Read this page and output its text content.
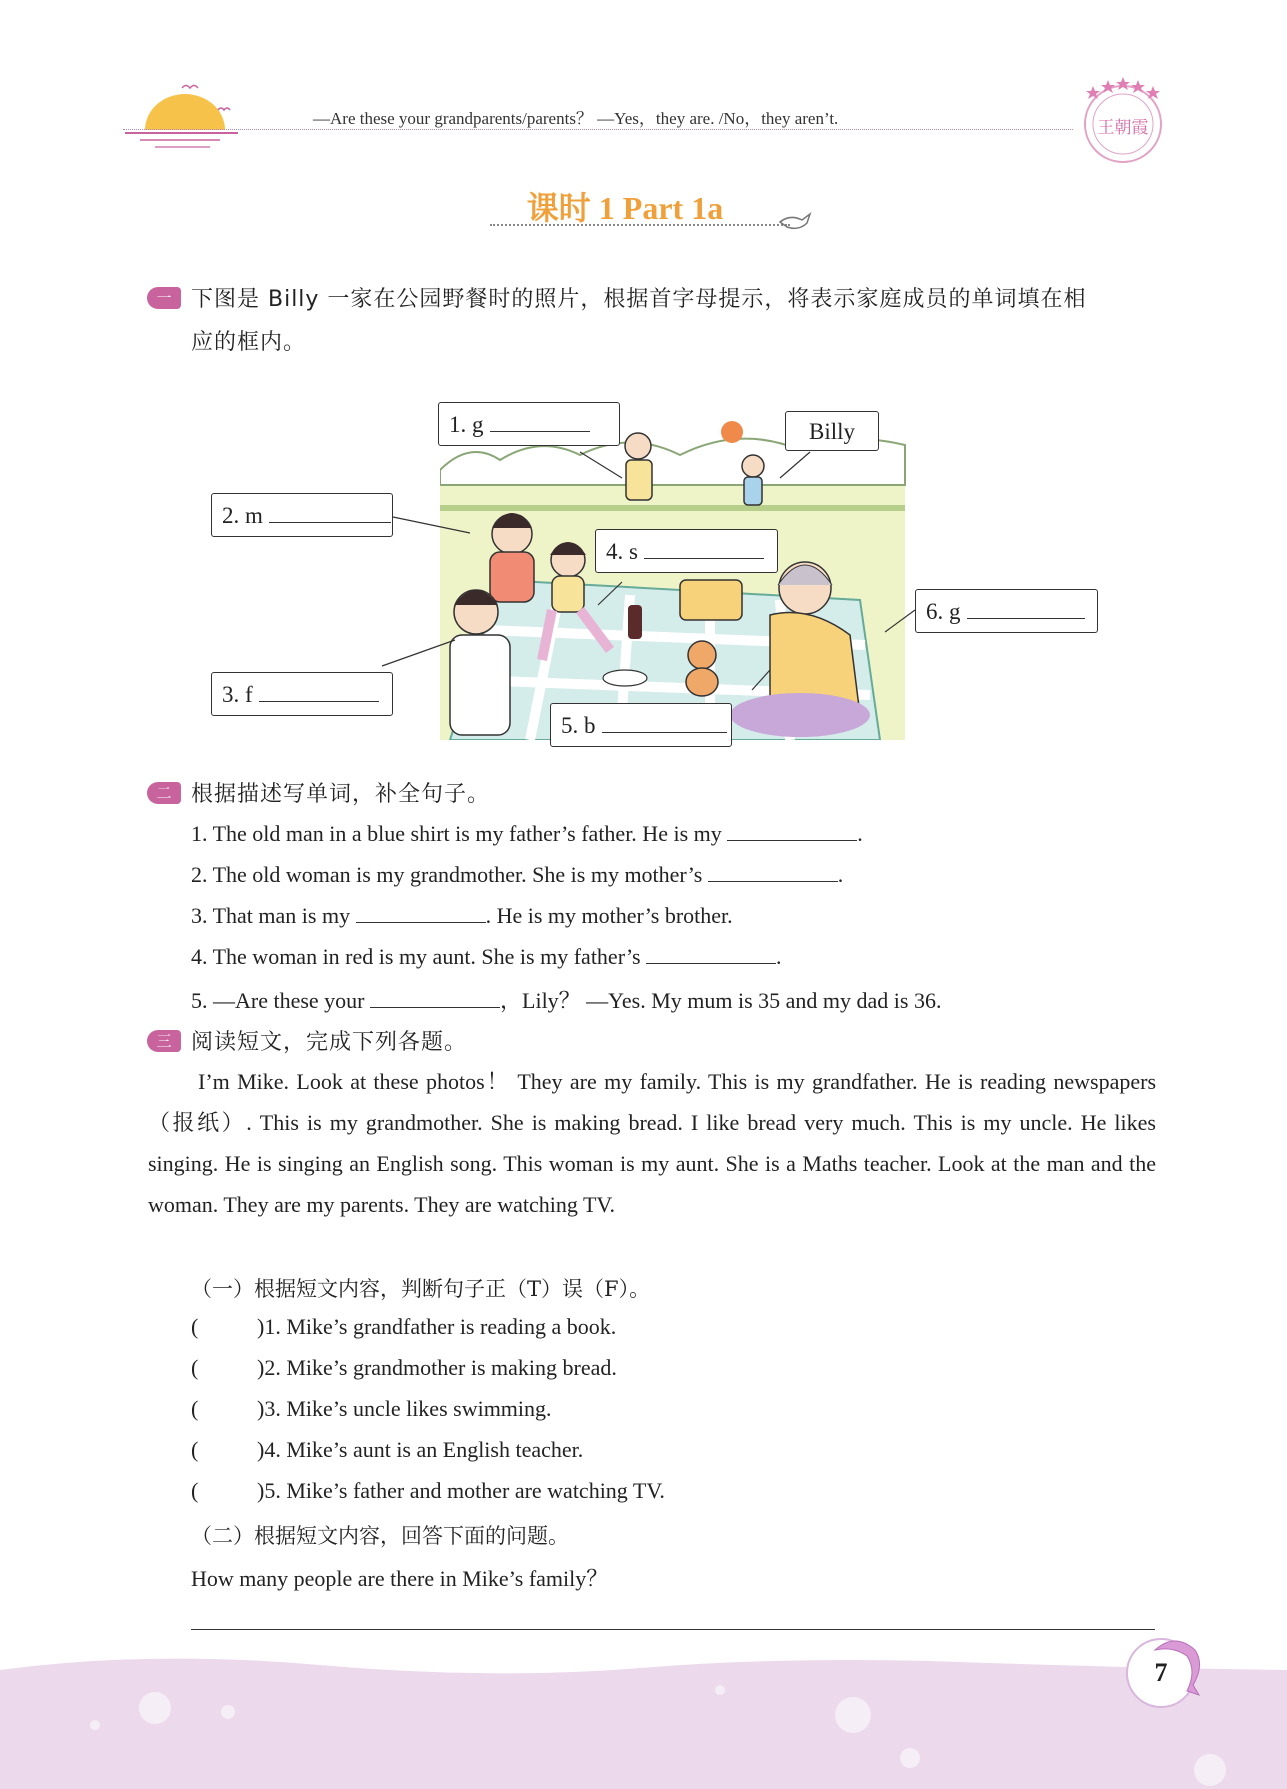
—Are these your grandparents/parents？ —Yes，they are. /No，they aren’t.	王朝霞
课时 1 Part 1a
一 下图是 Billy 一家在公园野餐时的照片，根据首字母提示，将表示家庭成员的单词填在相
应的框内。
1. g	Billy
2. m
4. s
6. g
3. f
5. b
二 根据描述写单词，补全句子。
1. The old man in a blue shirt is my father’s father. He is my	.
2. The old woman is my grandmother. She is my mother’s	.
3. That man is my	. He is my mother’s brother.
4. The woman in red is my aunt. She is my father’s	.
5. —Are these your	，Lily？ —Yes. My mum is 35 and my dad is 36.
三 阅读短文，完成下列各题。
I’m Mike. Look at these photos！ They are my family. This is my grandfather. He is reading newspapers（报纸）. This is my grandmother. She is making bread. I like bread very much. This is my uncle. He likes singing. He is singing an English song. This woman is my aunt. She is a Maths teacher. Look at the man and the woman. They are my parents. They are watching TV.
（一）根据短文内容，判断句子正（T）误（F）。
(	)1. Mike’s grandfather is reading a book.
(	)2. Mike’s grandmother is making bread.
(	)3. Mike’s uncle likes swimming.
(	)4. Mike’s aunt is an English teacher.
(	)5. Mike’s father and mother are watching TV.
（二）根据短文内容，回答下面的问题。
How many people are there in Mike’s family？
7
